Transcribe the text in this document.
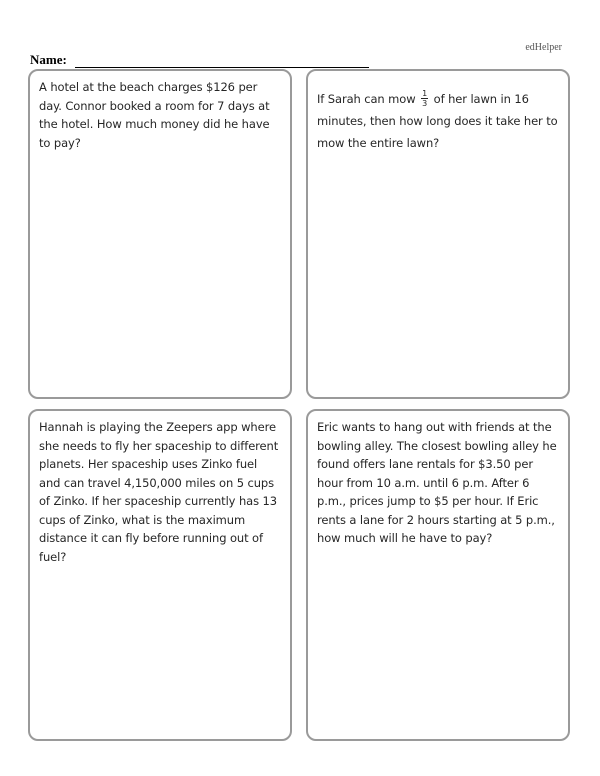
edHelper
Name:

A hotel at the beach charges $126 per day. Connor booked a room for 7 days at the hotel. How much money did he have to pay?

If Sarah can mow $\frac{1}{3}$ of her lawn in 16 minutes, then how long does it take her to mow the entire lawn?

Hannah is playing the Zeepers app where she needs to fly her spaceship to different planets. Her spaceship uses Zinko fuel and can travel 4,150,000 miles on 5 cups of Zinko. If her spaceship currently has 13 cups of Zinko, what is the maximum distance it can fly before running out of fuel?

Eric wants to hang out with friends at the bowling alley. The closest bowling alley he found offers lane rentals for $3.50 per hour from 10 a.m. until 6 p.m. After 6 p.m., prices jump to $5 per hour. If Eric rents a lane for 2 hours starting at 5 p.m., how much will he have to pay?
